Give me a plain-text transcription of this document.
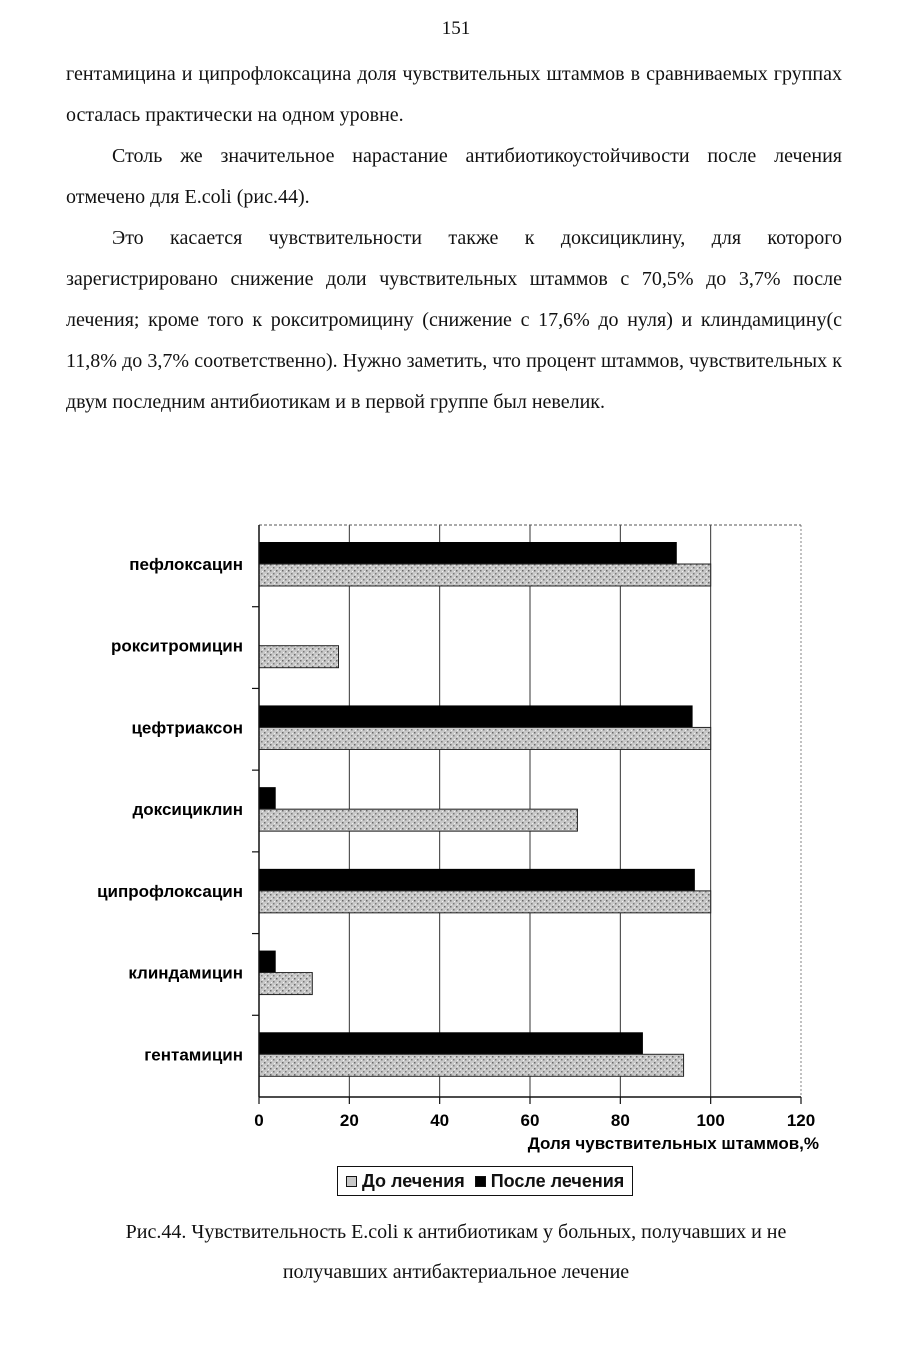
151

гентамицина и ципрофлоксацина доля чувствительных штаммов в сравниваемых группах осталась практически на одном уровне.

Столь же значительное нарастание антибиотикоустойчивости после лечения отмечено для E.coli (рис.44).

Это касается чувствительности также к доксициклину, для которого зарегистрировано снижение доли чувствительных штаммов с 70,5% до 3,7% после лечения; кроме того к рокситромицину (снижение с 17,6% до нуля) и клиндамицину(с 11,8% до 3,7% соответственно). Нужно заметить, что процент штаммов, чувствительных к двум последним антибиотикам и в первой группе был невелик.

пефлоксацин
рокситромицин
цефтриаксон
доксициклин
ципрофлоксацин
клиндамицин
гентамицин
0	20	40	60	80	100	120
Доля чувствительных штаммов,%
До лечения После лечения
Рис.44. Чувствительность E.coli к антибиотикам у больных, получавших и не
получавших антибактериальное лечение
